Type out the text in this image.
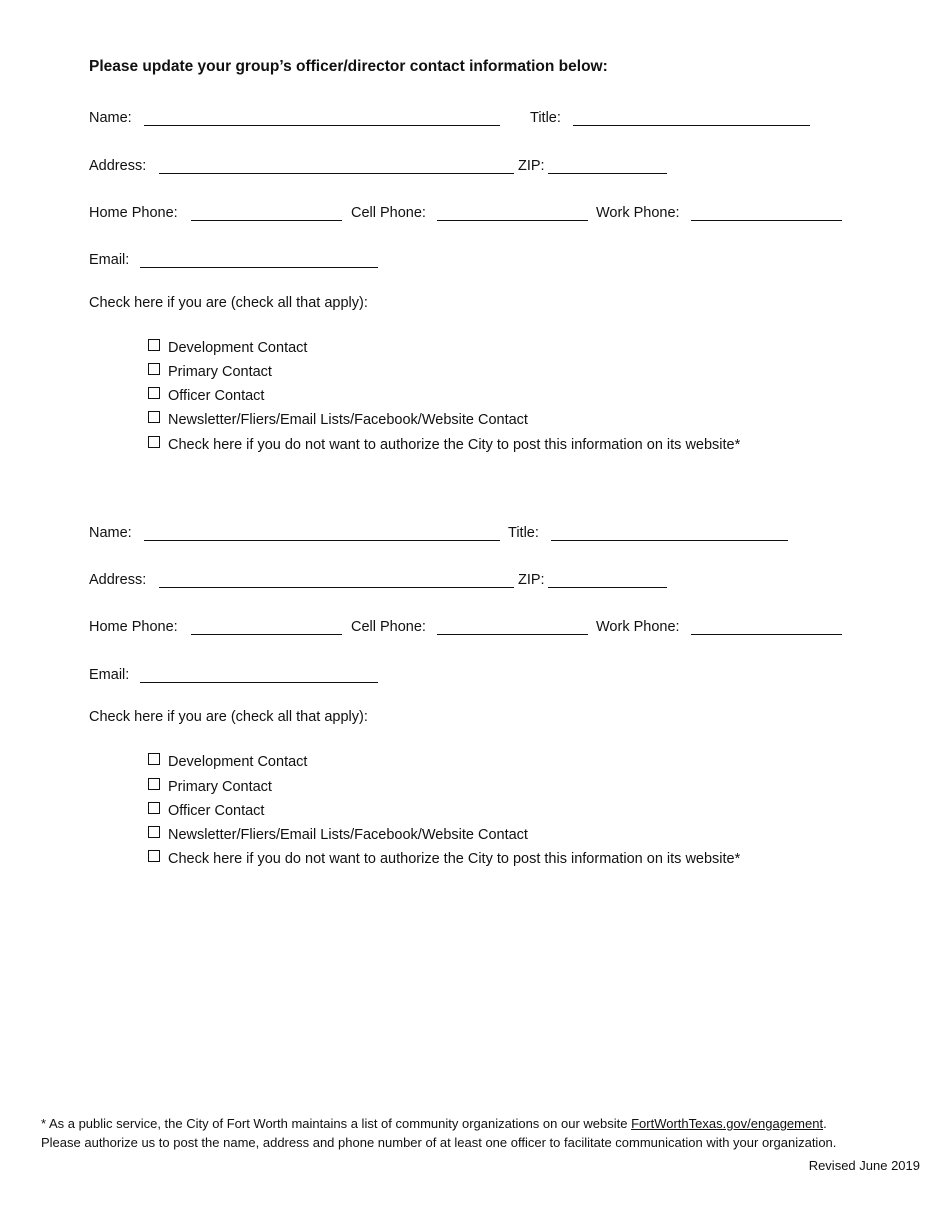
Please update your group’s officer/director contact information below:
Name:	Title:
Address:	ZIP:
Home Phone:	Cell Phone:	Work Phone:
Email:
Check here if you are (check all that apply):
Development Contact
Primary Contact
Officer Contact
Newsletter/Fliers/Email Lists/Facebook/Website Contact
Check here if you do not want to authorize the City to post this information on its website*
Name:	Title:
Address:	ZIP:
Home Phone:	Cell Phone:	Work Phone:
Email:
Check here if you are (check all that apply):
Development Contact
Primary Contact
Officer Contact
Newsletter/Fliers/Email Lists/Facebook/Website Contact
Check here if you do not want to authorize the City to post this information on its website*
* As a public service, the City of Fort Worth maintains a list of community organizations on our website FortWorthTexas.gov/engagement.
Please authorize us to post the name, address and phone number of at least one officer to facilitate communication with your organization.
Revised June 2019
